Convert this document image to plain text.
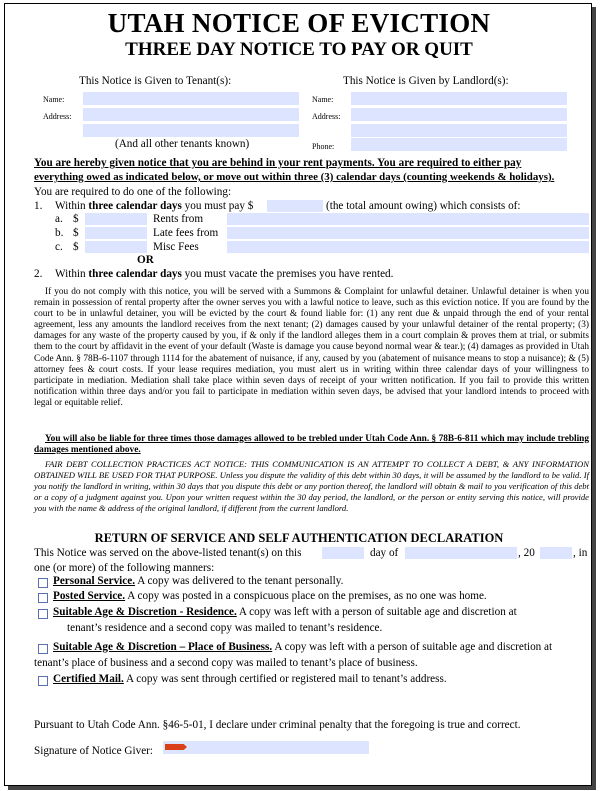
UTAH NOTICE OF EVICTION
THREE DAY NOTICE TO PAY OR QUIT
This Notice is Given to Tenant(s):
Name:
Address:
(And all other tenants known)
This Notice is Given by Landlord(s):
Name:
Address:
Phone:
You are hereby given notice that you are behind in your rent payments. You are required to either pay
everything owed as indicated below, or move out within three (3) calendar days (counting weekends & holidays).
You are required to do one of the following:
1. Within three calendar days you must pay $	(the total amount owing) which consists of:
a. $	Rents from
b. $	Late fees from
c. $	Misc Fees
OR
2. Within three calendar days you must vacate the premises you have rented.
If you do not comply with this notice, you will be served with a Summons & Complaint for unlawful detainer. Unlawful detainer is when you remain in possession of rental property after the owner serves you with a lawful notice to leave, such as this eviction notice. If you are found by the court to be in unlawful detainer, you will be evicted by the court & found liable for: (1) any rent due & unpaid through the end of your rental agreement, less any amounts the landlord receives from the next tenant; (2) damages caused by your unlawful detainer of the rental property; (3) damages for any waste of the property caused by you, if & only if the landlord alleges them in a court complain & proves them at trial, or submits them to the court by affidavit in the event of your default (Waste is damage you cause beyond normal wear & tear.); (4) damages as provided in Utah Code Ann. § 78B-6-1107 through 1114 for the abatement of nuisance, if any, caused by you (abatement of nuisance means to stop a nuisance); & (5) attorney fees & court costs. If your lease requires mediation, you must alert us in writing within three calendar days of your willingness to participate in mediation. Mediation shall take place within seven days of receipt of your written notification. If you fail to provide this written notification within three days and/or you fail to participate in mediation within seven days, be advised that your landlord intends to proceed with legal or equitable relief.
You will also be liable for three times those damages allowed to be trebled under Utah Code Ann. § 78B-6-811 which may include trebling damages mentioned above.
FAIR DEBT COLLECTION PRACTICES ACT NOTICE: THIS COMMUNICATION IS AN ATTEMPT TO COLLECT A DEBT, & ANY INFORMATION OBTAINED WILL BE USED FOR THAT PURPOSE. Unless you dispute the validity of this debt within 30 days, it will be assumed by the landlord to be valid. If you notify the landlord in writing, within 30 days that you dispute this debt or any portion thereof, the landlord will obtain & mail to you verification of this debt or a copy of a judgment against you. Upon your written request within the 30 day period, the landlord, or the person or entity serving this notice, will provide you with the name & address of the original landlord, if different from the current landlord.
RETURN OF SERVICE AND SELF AUTHENTICATION DECLARATION
This Notice was served on the above-listed tenant(s) on this	day of	, 20	, in
one (or more) of the following manners:
Personal Service. A copy was delivered to the tenant personally.
Posted Service. A copy was posted in a conspicuous place on the premises, as no one was home.
Suitable Age & Discretion - Residence. A copy was left with a person of suitable age and discretion at
tenant’s residence and a second copy was mailed to tenant’s residence.
Suitable Age & Discretion – Place of Business. A copy was left with a person of suitable age and discretion at
tenant’s place of business and a second copy was mailed to tenant’s place of business.
Certified Mail. A copy was sent through certified or registered mail to tenant’s address.
Pursuant to Utah Code Ann. §46-5-01, I declare under criminal penalty that the foregoing is true and correct.
Signature of Notice Giver:
